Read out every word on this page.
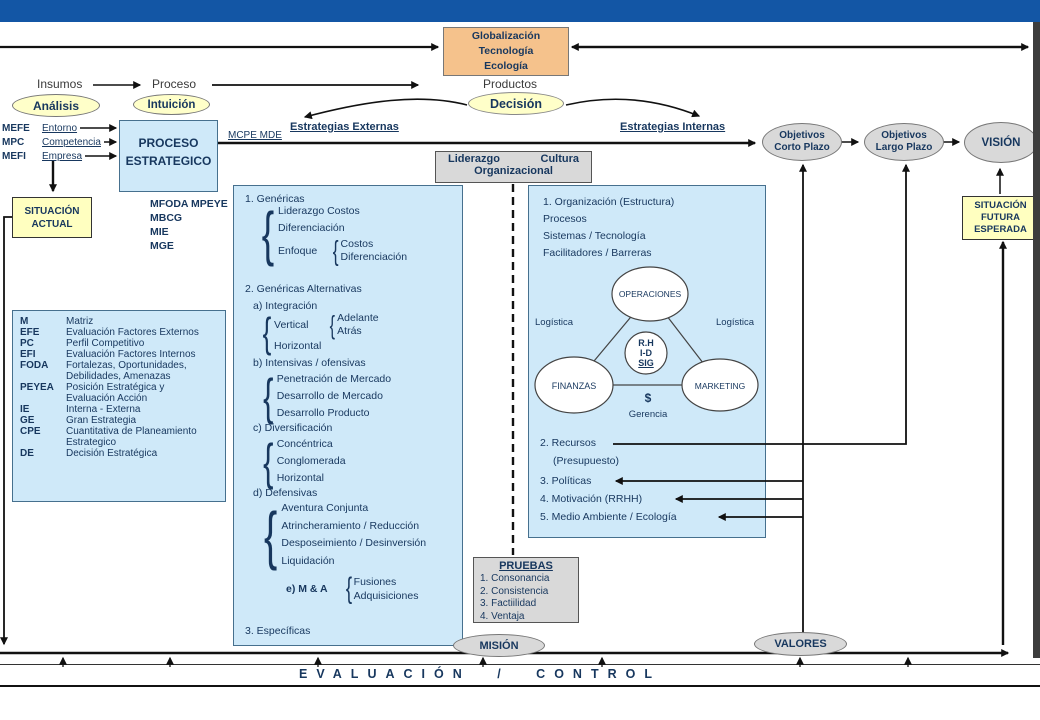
Globalización
Tecnología
Ecología
Insumos	Proceso	Productos
Análisis	Intuición	Decisión
MEFE Entorno
MPC Competencia
MEFI Empresa
PROCESO
ESTRATEGICO
MCPE MDE
MFODA MPEYE
MBCG
MIE
MGE
Estrategias Externas	Estrategias Internas
SITUACIÓN
ACTUAL
SITUACIÓN
FUTURA
ESPERADA
Objetivos
Corto Plazo
Objetivos
Largo Plazo	VISIÓN
M	Matriz
EFE	Evaluación Factores Externos
PC	Perfil Competitivo
EFI	Evaluación Factores Internos
FODA	Fortalezas, Oportunidades,
Debilidades, Amenazas
PEYEA	Posición Estratégica y
Evaluación Acción
IE	Interna - Externa
GE	Gran Estrategia
CPE	Cuantitativa de Planeamiento
Estrategico
DE	Decisión Estratégica
Liderazgo	Cultura
Organizacional
1. Genéricas
{ Liderazgo Costos
Diferenciación
Enfoque { Costos
Diferenciación
2. Genéricas Alternativas
a) Integración
{ Vertical { Adelante
Atrás
Horizontal
b) Intensivas / ofensivas
{ Penetración de Mercado
Desarrollo de Mercado
Desarrollo Producto
c) Diversificación
{ Concéntrica
Conglomerada
Horizontal
d) Defensivas
{ Aventura Conjunta
Atrincheramiento / Reducción
Desposeimiento / Desinversión
Liquidación
e) M & A { Fusiones
Adquisiciones
3. Específicas
1. Organización (Estructura)
Procesos
Sistemas / Tecnología
Facilitadores / Barreras
OPERACIONES
FINANZAS	MARKETING
R.H
I-D
SIG
Logística	Logística
$
Gerencia
2. Recursos
(Presupuesto)
3. Políticas
4. Motivación (RRHH)
5. Medio Ambiente / Ecología
PRUEBAS
1. Consonancia
2. Consistencia
3. Factiilidad
4. Ventaja
MISIÓN	VALORES
EVALUACIÓN / CONTROL
